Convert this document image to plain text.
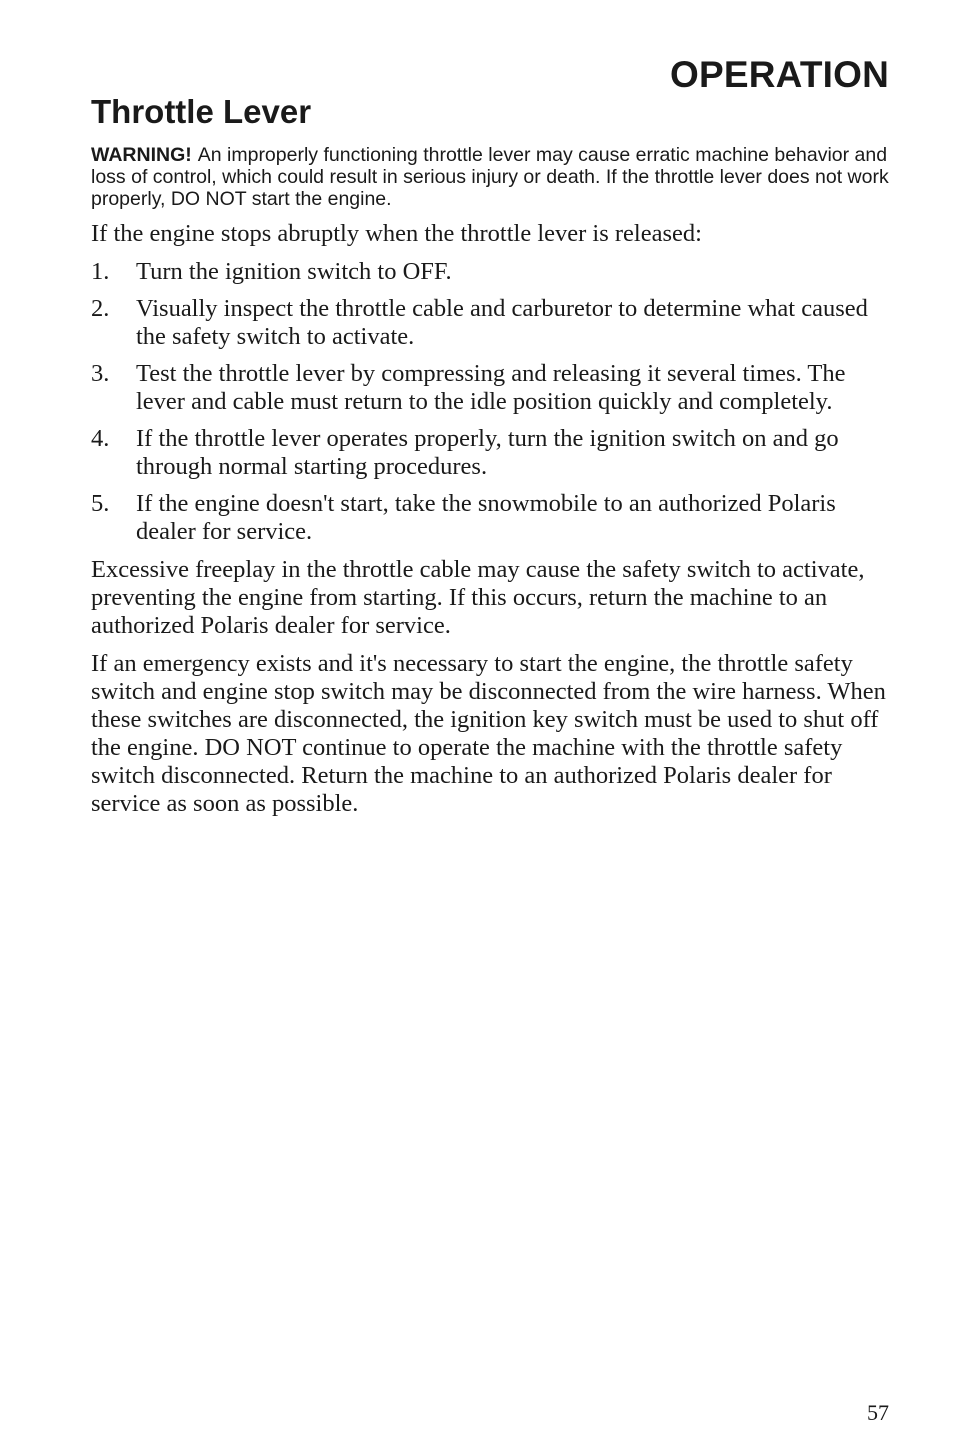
OPERATION
Throttle Lever

WARNING! An improperly functioning throttle lever may cause erratic machine behavior and loss of control, which could result in serious injury or death. If the throttle lever does not work properly, DO NOT start the engine.

If the engine stops abruptly when the throttle lever is released:

1.	Turn the ignition switch to OFF.
2.	Visually inspect the throttle cable and carburetor to determine what caused the safety switch to activate.
3.	Test the throttle lever by compressing and releasing it several times. The lever and cable must return to the idle position quickly and completely.
4.	If the throttle lever operates properly, turn the ignition switch on and go through normal starting procedures.
5.	If the engine doesn't start, take the snowmobile to an authorized Polaris dealer for service.

Excessive freeplay in the throttle cable may cause the safety switch to activate, preventing the engine from starting. If this occurs, return the machine to an authorized Polaris dealer for service.

If an emergency exists and it's necessary to start the engine, the throttle safety switch and engine stop switch may be disconnected from the wire harness. When these switches are disconnected, the ignition key switch must be used to shut off the engine. DO NOT continue to operate the machine with the throttle safety switch disconnected. Return the machine to an authorized Polaris dealer for service as soon as possible.

57
